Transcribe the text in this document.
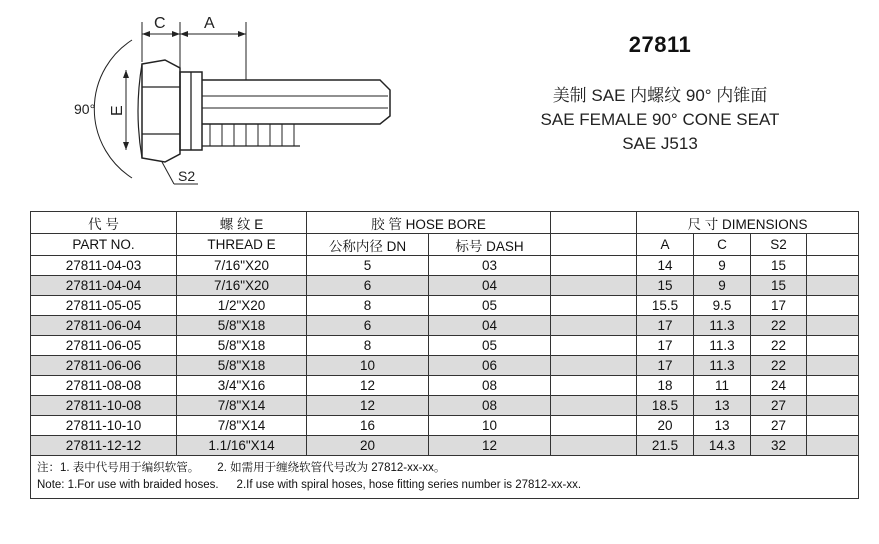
C A
E
90°
S2
27811
美制 SAE 内螺纹 90° 内锥面
SAE FEMALE 90° CONE SEAT
SAE J513
代 号	螺 纹 E	胶 管 HOSE BORE			尺 寸 DIMENSIONS			
PART NO.	THREAD E	公称内径 DN	标号 DASH		A	C	S2	
27811-04-03	7/16"X20	5	03		14	9	15	
27811-04-04	7/16"X20	6	04		15	9	15	
27811-05-05	1/2"X20	8	05		15.5	9.5	17	
27811-06-04	5/8"X18	6	04		17	11.3	22	
27811-06-05	5/8"X18	8	05		17	11.3	22	
27811-06-06	5/8"X18	10	06		17	11.3	22	
27811-08-08	3/4"X16	12	08		18	11	24	
27811-10-08	7/8"X14	12	08		18.5	13	27	
27811-10-10	7/8"X14	16	10		20	13	27	
27811-12-12	1.1/16"X14	20	12		21.5	14.3	32	

注：1. 表中代号用于编织软管。 2. 如需用于缠绕软管代号改为 27812-xx-xx。
Note: 1.For use with braided hoses. 2.If use with spiral hoses, hose fitting series number is 27812-xx-xx.								
